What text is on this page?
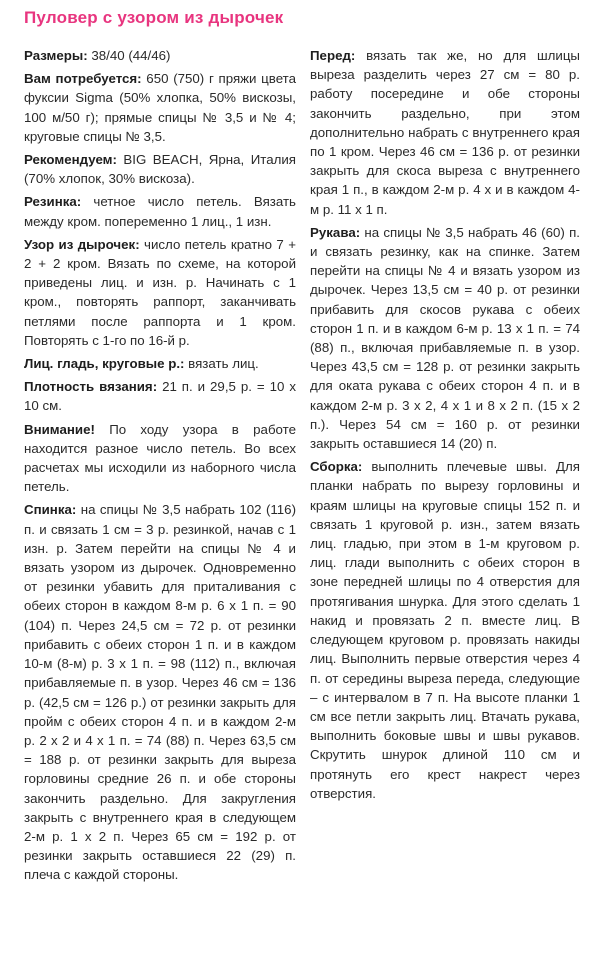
Пуловер с узором из дырочек

Размеры: 38/40 (44/46)

Вам потребуется: 650 (750) г пряжи цвета фуксии Sigma (50% хлопка, 50% вискозы, 100 м/50 г); прямые спицы № 3,5 и № 4; круговые спицы № 3,5.

Рекомендуем: BIG BEACH, Ярна, Италия (70% хлопок, 30% вискоза).

Резинка: четное число петель. Вязать между кром. попеременно 1 лиц., 1 изн.

Узор из дырочек: число петель кратно 7 + 2 + 2 кром. Вязать по схеме, на которой приведены лиц. и изн. р. Начинать с 1 кром., повторять раппорт, заканчивать петлями после раппорта и 1 кром. Повторять с 1-го по 16-й р.

Лиц. гладь, круговые р.: вязать лиц.

Плотность вязания: 21 п. и 29,5 р. = 10 х 10 см.

Внимание! По ходу узора в работе находится разное число петель. Во всех расчетах мы исходили из наборного числа петель.

Спинка: на спицы № 3,5 набрать 102 (116) п. и связать 1 см = 3 р. резинкой, начав с 1 изн. р. Затем перейти на спицы № 4 и вязать узором из дырочек. Одновременно от резинки убавить для приталивания с обеих сторон в каждом 8-м р. 6 х 1 п. = 90 (104) п. Через 24,5 см = 72 р. от резинки прибавить с обеих сторон 1 п. и в каждом 10-м (8-м) р. 3 х 1 п. = 98 (112) п., включая прибавляемые п. в узор. Через 46 см = 136 р. (42,5 см = 126 р.) от резинки закрыть для пройм с обеих сторон 4 п. и в каждом 2-м р. 2 х 2 и 4 х 1 п. = 74 (88) п. Через 63,5 см = 188 р. от резинки закрыть для выреза горловины средние 26 п. и обе стороны закончить раздельно. Для закругления закрыть с внутреннего края в следующем 2-м р. 1 х 2 п. Через 65 см = 192 р. от резинки закрыть оставшиеся 22 (29) п. плеча с каждой стороны.

Перед: вязать так же, но для шлицы выреза разделить через 27 см = 80 р. работу посередине и обе стороны закончить раздельно, при этом дополнительно набрать с внутреннего края по 1 кром. Через 46 см = 136 р. от резинки закрыть для скоса выреза с внутреннего края 1 п., в каждом 2-м р. 4 х и в каждом 4-м р. 11 х 1 п.

Рукава: на спицы № 3,5 набрать 46 (60) п. и связать резинку, как на спинке. Затем перейти на спицы № 4 и вязать узором из дырочек. Через 13,5 см = 40 р. от резинки прибавить для скосов рукава с обеих сторон 1 п. и в каждом 6-м р. 13 х 1 п. = 74 (88) п., включая прибавляемые п. в узор. Через 43,5 см = 128 р. от резинки закрыть для оката рукава с обеих сторон 4 п. и в каждом 2-м р. 3 х 2, 4 х 1 и 8 х 2 п. (15 х 2 п.). Через 54 см = 160 р. от резинки закрыть оставшиеся 14 (20) п.

Сборка: выполнить плечевые швы. Для планки набрать по вырезу горловины и краям шлицы на круговые спицы 152 п. и связать 1 круговой р. изн., затем вязать лиц. гладью, при этом в 1-м круговом р. лиц. глади выполнить с обеих сторон в зоне передней шлицы по 4 отверстия для протягивания шнурка. Для этого сделать 1 накид и провязать 2 п. вместе лиц. В следующем круговом р. провязать накиды лиц. Выполнить первые отверстия через 4 п. от середины выреза переда, следующие – с интервалом в 7 п. На высоте планки 1 см все петли закрыть лиц. Втачать рукава, выполнить боковые швы и швы рукавов. Скрутить шнурок длиной 110 см и протянуть его крест накрест через отверстия.
